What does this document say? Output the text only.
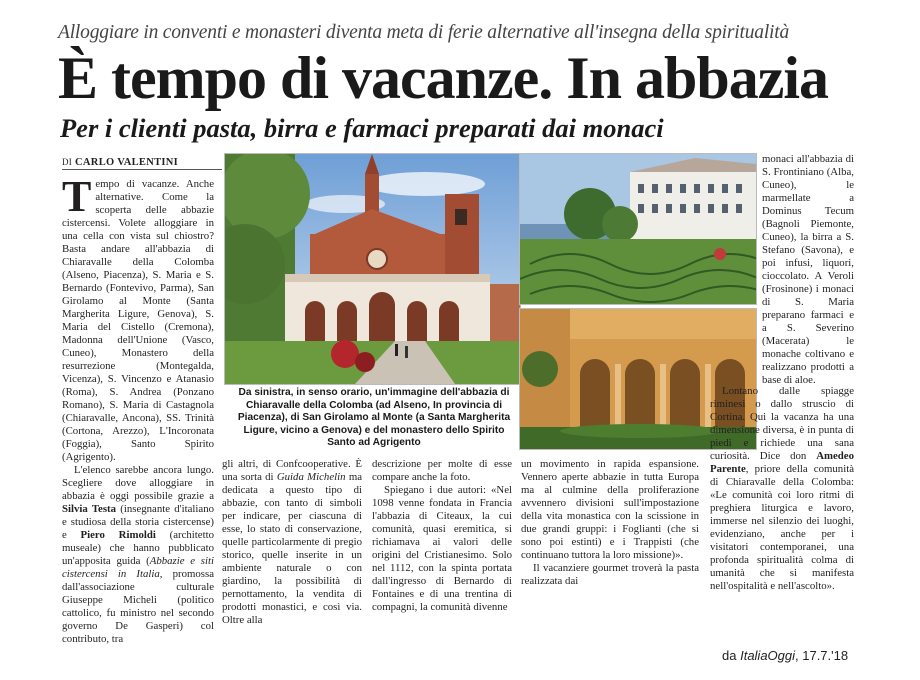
Alloggiare in conventi e monasteri diventa meta di ferie alternative all'insegna della spiritualità
È tempo di vacanze. In abbazia
Per i clienti pasta, birra e farmaci preparati dai monaci
DI CARLO VALENTINI

Tempo di vacanze. Anche alternative. Come la scoperta delle abbazie cistercensi. Volete alloggiare in una cella con vista sul chiostro? Basta andare all'abbazia di Chiaravalle della Colomba (Alseno, Piacenza), S. Maria e S. Bernardo (Fontevivo, Parma), San Girolamo al Monte (Santa Margherita Ligure, Genova), S. Maria del Cistello (Cremona), Madonna dell'Unione (Vasco, Cuneo), Monastero della resurrezione (Montegalda, Vicenza), S. Vincenzo e Atanasio (Roma), S. Andrea (Ponzano Romano), S. Maria di Castagnola (Chiaravalle, Ancona), SS. Trinità (Cortona, Arezzo), L'Incoronata (Foggia), Santo Spirito (Agrigento).

L'elenco sarebbe ancora lungo. Scegliere dove alloggiare in abbazia è oggi possibile grazie a Silvia Testa (insegnante d'italiano e studiosa della storia cistercense) e Piero Rimoldi (architetto museale) che hanno pubblicato un'apposita guida (Abbazie e siti cistercensi in Italia, promossa dall'associazione culturale Giuseppe Micheli (politico cattolico, fu ministro nel secondo governo De Gasperi) col contributo, tra

Da sinistra, in senso orario, un'immagine dell'abbazia di Chiaravalle della Colomba (ad Alseno, In provincia di Piacenza), di San Girolamo al Monte (a Santa Margherita Ligure, vicino a Genova) e del monastero dello Spirito Santo ad Agrigento

gli altri, di Confcooperative. È una sorta di Guida Michelin ma dedicata a questo tipo di abbazie, con tanto di simboli per indicare, per ciascuna di esse, lo stato di conservazione, quelle particolarmente di pregio storico, quelle inserite in un ambiente naturale o con giardino, la possibilità di pernottamento, la vendita di prodotti monastici, e così via. Oltre alla

descrizione per molte di esse compare anche la foto.

Spiegano i due autori: «Nel 1098 venne fondata in Francia l'abbazia di Citeaux, la cui comunità, quasi eremitica, si richiamava ai valori delle origini del Cristianesimo. Solo nel 1112, con la spinta portata dall'ingresso di Bernardo di Fontaines e di una trentina di compagni, la comunità divenne

un movimento in rapida espansione. Vennero aperte abbazie in tutta Europa ma al culmine della proliferazione avvennero divisioni sull'impostazione della vita monastica con la scissione in due grandi gruppi: i Foglianti (che si sono poi estinti) e i Trappisti (che continuano tuttora la loro missione)».

Il vacanziere gourmet troverà la pasta realizzata dai

monaci all'abbazia di S. Frontiniano (Alba, Cuneo), le marmellate a Dominus Tecum (Bagnoli Piemonte, Cuneo), la birra a S. Stefano (Savona), e poi infusi, liquori, cioccolato. A Veroli (Frosinone) i monaci di S. Maria preparano farmaci e a S. Severino (Macerata) le monache coltivano e realizzano prodotti a base di aloe.

Lontano dalle spiagge riminesi o dallo struscio di Cortina. Qui la vacanza ha una dimensione diversa, è in punta di piedi e richiede una sana curiosità. Dice don Amedeo Parente, priore della comunità di Chiaravalle della Colomba: «Le comunità coi loro ritmi di preghiera liturgica e lavoro, immerse nel silenzio dei luoghi, evidenziano, anche per i visitatori contemporanei, una profonda spiritualità colma di umanità che si manifesta nell'ospitalità e nell'ascolto».

da ItaliaOggi, 17.7.'18
